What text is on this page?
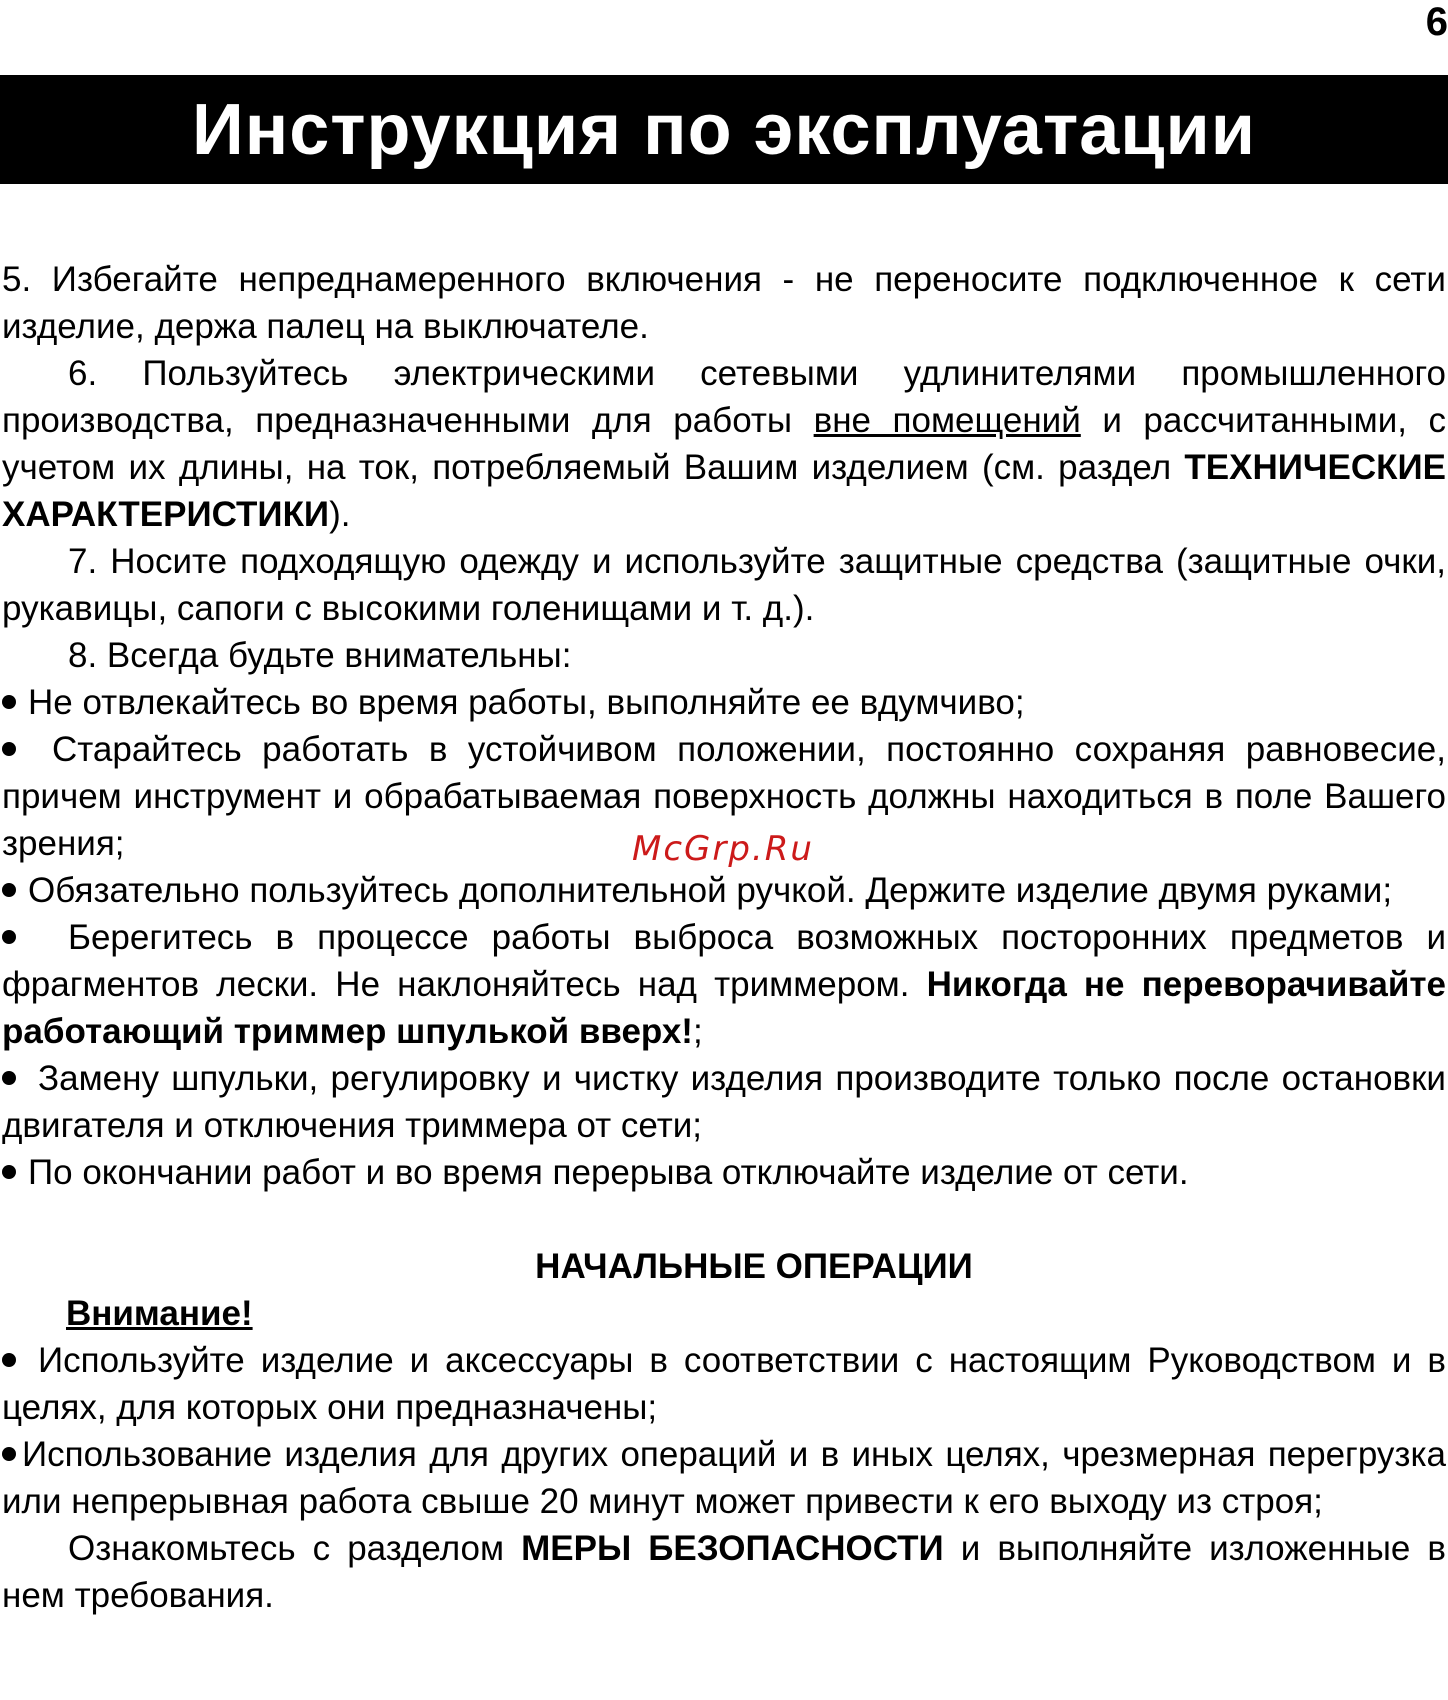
6
Инструкция по эксплуатации

5. Избегайте непреднамеренного включения - не переносите подключенное к сети изделие, держа палец на выключателе.

6. Пользуйтесь электрическими сетевыми удлинителями промышленного производства, предназначенными для работы вне помещений и рассчитанными, с учетом их длины, на ток, потребляемый Вашим изделием (см. раздел ТЕХНИЧЕСКИЕ ХАРАКТЕРИСТИКИ).

7. Носите подходящую одежду и используйте защитные средства (защитные очки, рукавицы, сапоги с высокими голенищами и т. д.).

8. Всегда будьте внимательны:

Не отвлекайтесь во время работы, выполняйте ее вдумчиво;

Старайтесь работать в устойчивом положении, постоянно сохраняя равновесие, причем инструмент и обрабатываемая поверхность должны находиться в поле Вашего зрения;

Обязательно пользуйтесь дополнительной ручкой. Держите изделие двумя руками;

Берегитесь в процессе работы выброса возможных посторонних предметов и фрагментов лески. Не наклоняйтесь над триммером. Никогда не переворачивайте работающий триммер шпулькой вверх!;

Замену шпульки, регулировку и чистку изделия производите только после остановки двигателя и отключения триммера от сети;

По окончании работ и во время перерыва отключайте изделие от сети.

НАЧАЛЬНЫЕ ОПЕРАЦИИ

Внимание!

Используйте изделие и аксессуары в соответствии с настоящим Руководством и в целях, для которых они предназначены;

Использование изделия для других операций и в иных целях, чрезмерная перегрузка или непрерывная работа свыше 20 минут может привести к его выходу из строя;

Ознакомьтесь с разделом МЕРЫ БЕЗОПАСНОСТИ и выполняйте изложенные в нем требования.

McGrp.Ru
